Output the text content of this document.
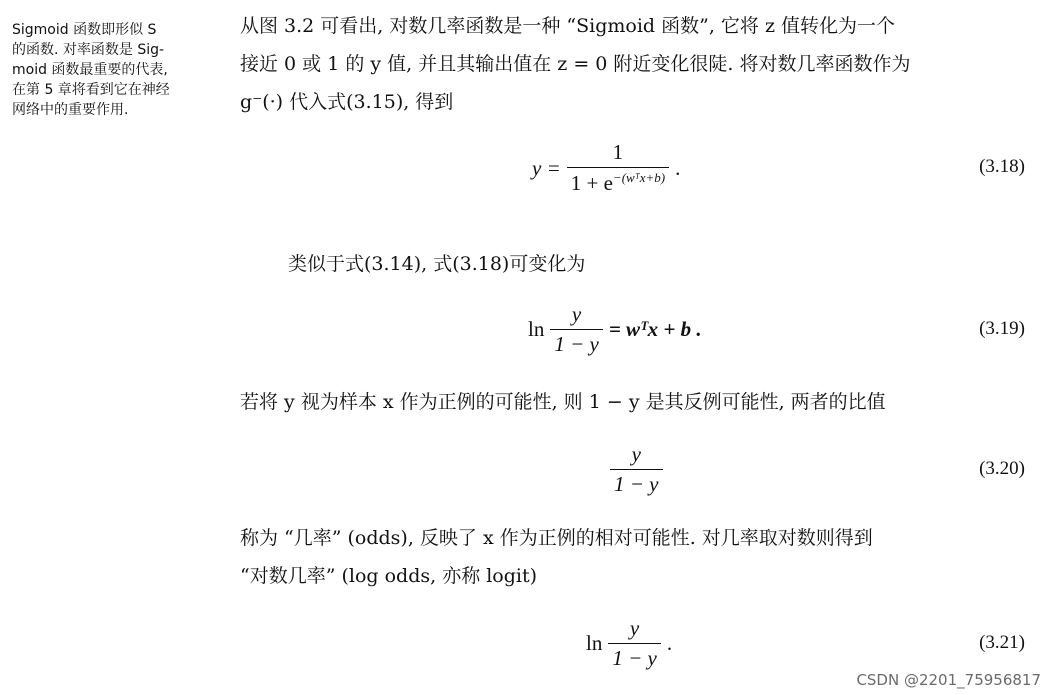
Sigmoid 函数即形似 S
的函数. 对率函数是 Sig-
moid 函数最重要的代表,
在第 5 章将看到它在神经
网络中的重要作用.
从图 3.2 可看出, 对数几率函数是一种 “Sigmoid 函数”, 它将 z 值转化为一个
接近 0 或 1 的 y 值, 并且其输出值在 z = 0 附近变化很陡. 将对数几率函数作为
g⁻(·) 代入式(3.15), 得到
$y = \frac{1}{1 + e^{-(wᵀx+b)}}$ .	(3.18)
类似于式(3.14), 式(3.18)可变化为
$\ln \frac{y}{1 - y}$ = wᵀx + b .	(3.19)
若将 y 视为样本 x 作为正例的可能性, 则 1 − y 是其反例可能性, 两者的比值
$\frac{y}{1 - y}$	(3.20)
称为 “几率” (odds), 反映了 x 作为正例的相对可能性. 对几率取对数则得到
“对数几率” (log odds, 亦称 logit)
$\ln \frac{y}{1 - y}$ .	(3.21)
CSDN @2201_75956817
